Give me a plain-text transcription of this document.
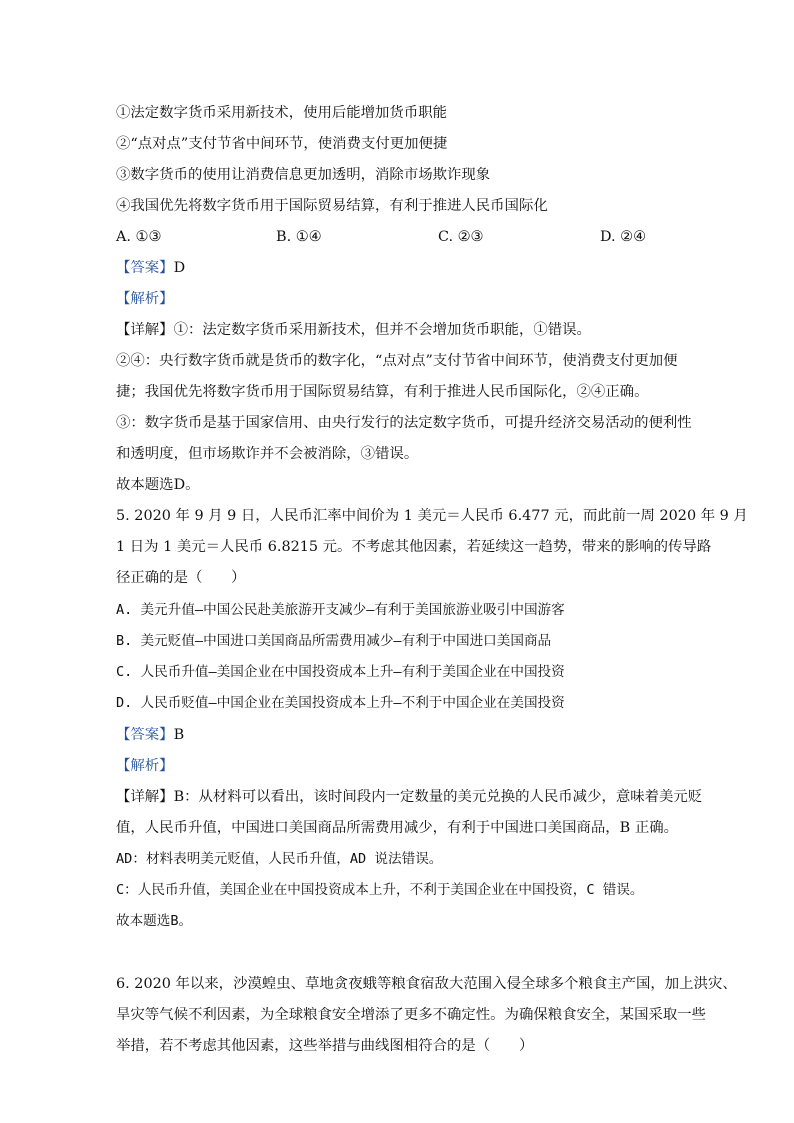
①法定数字货币采用新技术，使用后能增加货币职能
②“点对点”支付节省中间环节，使消费支付更加便捷
③数字货币的使用让消费信息更加透明，消除市场欺诈现象
④我国优先将数字货币用于国际贸易结算，有利于推进人民币国际化
A. ①③	B. ①④	C. ②③	D. ②④
【答案】D
【解析】
【详解】①：法定数字货币采用新技术，但并不会增加货币职能，①错误。
②④：央行数字货币就是货币的数字化，“点对点”支付节省中间环节，使消费支付更加便
捷；我国优先将数字货币用于国际贸易结算，有利于推进人民币国际化，②④正确。
③：数字货币是基于国家信用、由央行发行的法定数字货币，可提升经济交易活动的便利性
和透明度，但市场欺诈并不会被消除，③错误。
故本题选D。
5. 2020 年 9 月 9 日，人民币汇率中间价为 1 美元＝人民币 6.477 元，而此前一周 2020 年 9 月
1 日为 1 美元＝人民币 6.8215 元。不考虑其他因素，若延续这一趋势，带来的影响的传导路
径正确的是（　　）
A. 美元升值—中国公民赴美旅游开支减少—有利于美国旅游业吸引中国游客
B. 美元贬值—中国进口美国商品所需费用减少—有利于中国进口美国商品
C. 人民币升值—美国企业在中国投资成本上升—有利于美国企业在中国投资
D. 人民币贬值—中国企业在美国投资成本上升—不利于中国企业在美国投资
【答案】B
【解析】
【详解】B：从材料可以看出，该时间段内一定数量的美元兑换的人民币减少，意味着美元贬
值，人民币升值，中国进口美国商品所需费用减少，有利于中国进口美国商品，B 正确。
AD：材料表明美元贬值，人民币升值，AD 说法错误。
C：人民币升值，美国企业在中国投资成本上升，不利于美国企业在中国投资，C 错误。
故本题选B。
6. 2020 年以来，沙漠蝗虫、草地贪夜蛾等粮食宿敌大范围入侵全球多个粮食主产国，加上洪灾、
旱灾等气候不利因素，为全球粮食安全增添了更多不确定性。为确保粮食安全，某国采取一些
举措，若不考虑其他因素，这些举措与曲线图相符合的是（　　）
